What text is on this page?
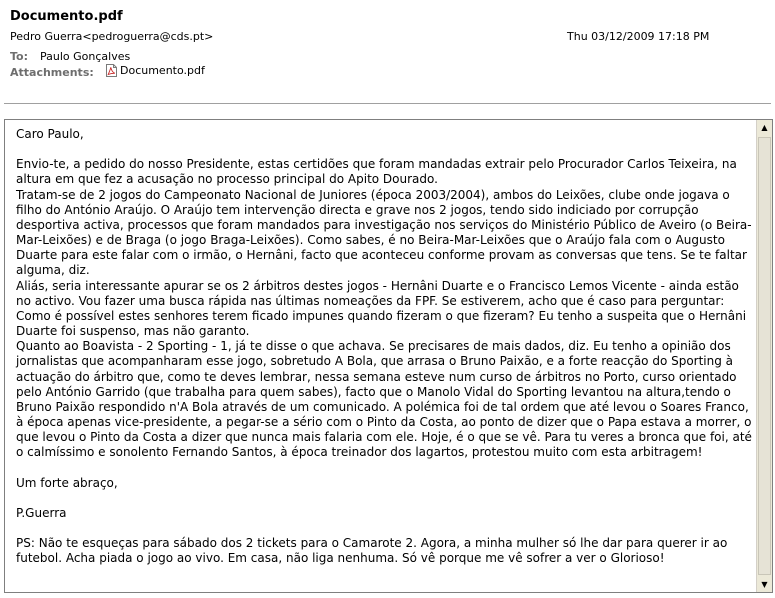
Documento.pdf
Pedro Guerra<pedroguerra@cds.pt>	Thu 03/12/2009 17:18 PM
To: Paulo Gonçalves
Attachments: Documento.pdf
Caro Paulo,

Envio-te, a pedido do nosso Presidente, estas certidões que foram mandadas extrair pelo Procurador Carlos Teixeira, na altura em que fez a acusação no processo principal do Apito Dourado.
Tratam-se de 2 jogos do Campeonato Nacional de Juniores (época 2003/2004), ambos do Leixões, clube onde jogava o filho do António Araújo. O Araújo tem intervenção directa e grave nos 2 jogos, tendo sido indiciado por corrupção desportiva activa, processos que foram mandados para investigação nos serviços do Ministério Público de Aveiro (o Beira-Mar-Leixões) e de Braga (o jogo Braga-Leixões). Como sabes, é no Beira-Mar-Leixões que o Araújo fala com o Augusto Duarte para este falar com o irmão, o Hernâni, facto que aconteceu conforme provam as conversas que tens. Se te faltar alguma, diz.
Aliás, seria interessante apurar se os 2 árbitros destes jogos - Hernâni Duarte e o Francisco Lemos Vicente - ainda estão no activo. Vou fazer uma busca rápida nas últimas nomeações da FPF. Se estiverem, acho que é caso para perguntar: Como é possível estes senhores terem ficado impunes quando fizeram o que fizeram? Eu tenho a suspeita que o Hernâni Duarte foi suspenso, mas não garanto.
Quanto ao Boavista - 2 Sporting - 1, já te disse o que achava. Se precisares de mais dados, diz. Eu tenho a opinião dos jornalistas que acompanharam esse jogo, sobretudo A Bola, que arrasa o Bruno Paixão, e a forte reacção do Sporting à actuação do árbitro que, como te deves lembrar, nessa semana esteve num curso de árbitros no Porto, curso orientado pelo António Garrido (que trabalha para quem sabes), facto que o Manolo Vidal do Sporting levantou na altura,tendo o Bruno Paixão respondido n'A Bola através de um comunicado. A polémica foi de tal ordem que até levou o Soares Franco, à época apenas vice-presidente, a pegar-se a sério com o Pinto da Costa, ao ponto de dizer que o Papa estava a morrer, o que levou o Pinto da Costa a dizer que nunca mais falaria com ele. Hoje, é o que se vê. Para tu veres a bronca que foi, até o calmíssimo e sonolento Fernando Santos, à época treinador dos lagartos, protestou muito com esta arbitragem!

Um forte abraço,

P.Guerra

PS: Não te esqueças para sábado dos 2 tickets para o Camarote 2. Agora, a minha mulher só lhe dar para querer ir ao futebol. Acha piada o jogo ao vivo. Em casa, não liga nenhuma. Só vê porque me vê sofrer a ver o Glorioso!
▲
▼
